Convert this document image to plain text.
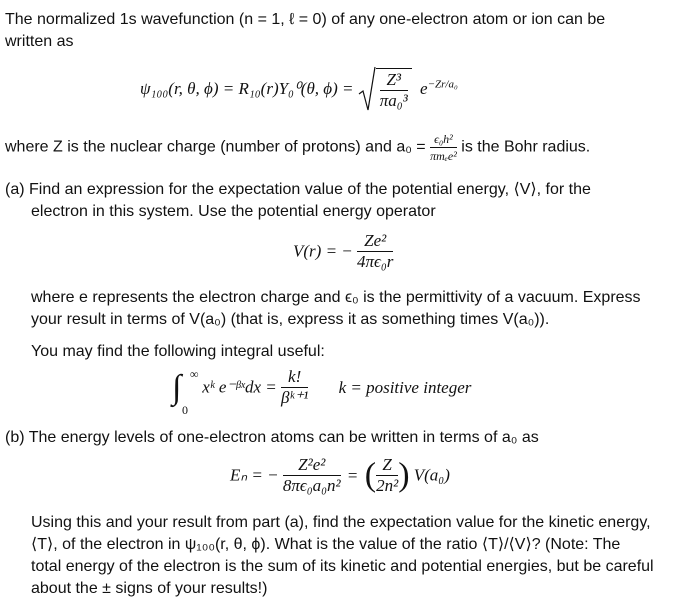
The normalized 1s wavefunction (n = 1, ℓ = 0) of any one-electron atom or ion can be
written as
ψ₁₀₀(r, θ, ϕ) = R₁₀(r)Y₀⁰(θ, $\phi) = \frac{\text{Z³}}{\text{πa₀³}} e^{-Zr/a_0}$
where Z is the nuclear charge (number of protons) and $a_0 = \frac{\text{ϵ₀h²}}{\text{πmₑe²}}$ is the Bohr radius.
(a) Find an expression for the expectation value of the potential energy, ⟨V⟩, for the
electron in this system. Use the potential energy operator
V(r) = − $\frac{\text{Ze²}}{\text{4πϵ₀r}}$
where e represents the electron charge and ϵ₀ is the permittivity of a vacuum. Express
your result in terms of V(a₀) (that is, express it as something times V(a₀)).
You may find the following integral useful:
∫ ∞
0
xᵏ e⁻ᵝˣdx = $\frac{k!}{\text{βᵏ⁺¹}}$ k = positive integer
(b) The energy levels of one-electron atoms can be written in terms of a₀ as
Eₙ = − $\frac{\text{Z²e²}}{\text{8πϵ₀a₀n²}}$ = ( $\frac{Z}{\text{2n²}}$ ) V(a₀)
Using this and your result from part (a), find the expectation value for the kinetic energy,
⟨T⟩, of the electron in ψ₁₀₀(r, θ, ϕ). What is the value of the ratio ⟨T⟩/⟨V⟩? (Note: The
total energy of the electron is the sum of its kinetic and potential energies, but be careful
about the ± signs of your results!)
